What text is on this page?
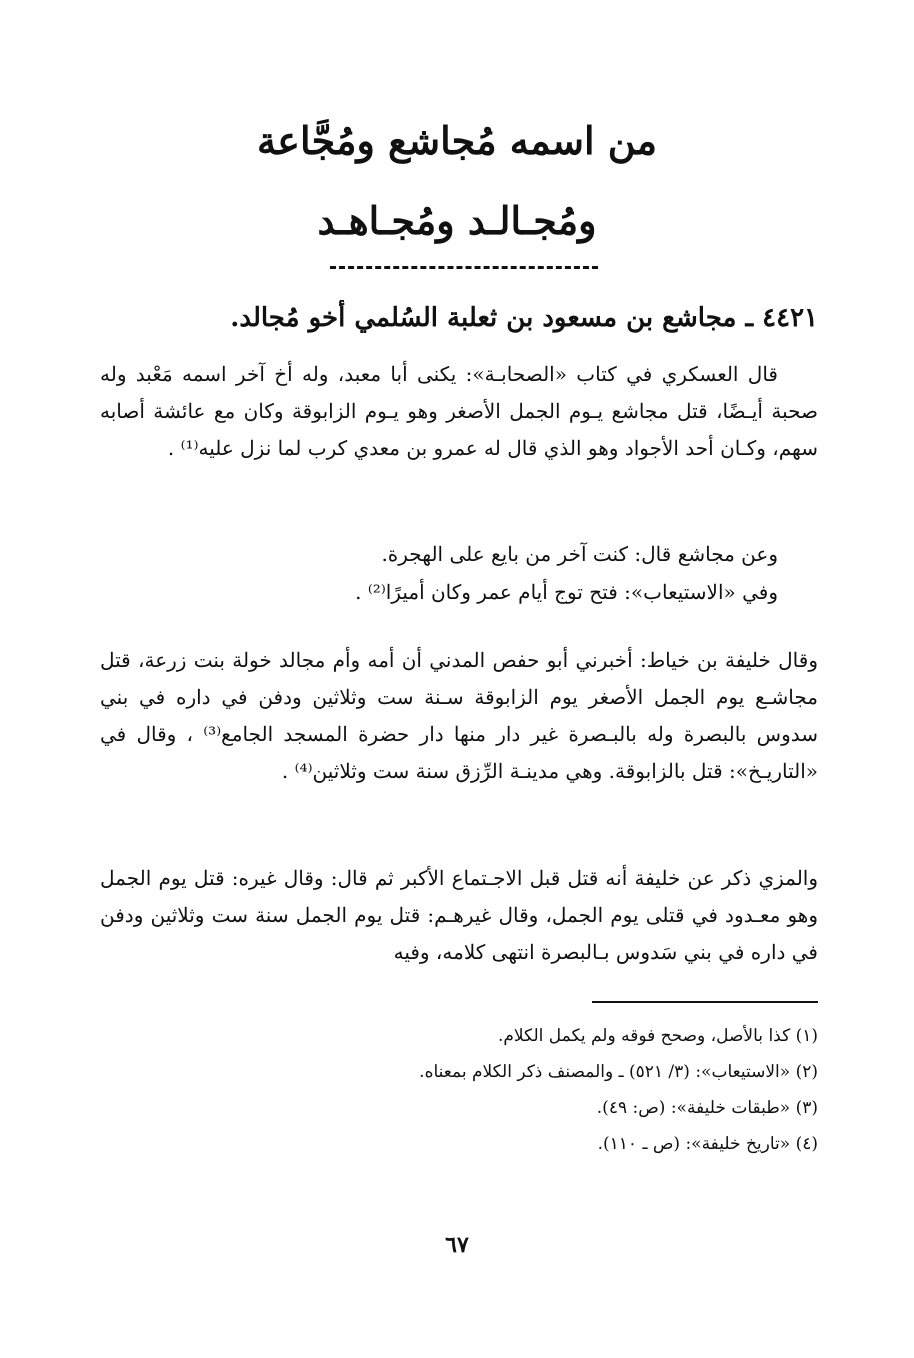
من اسمه مُجاشع ومُجَّاعة
ومُجـالـد ومُجـاهـد
٤٤٢١ ـ مجاشع بن مسعود بن ثعلبة السُلمي أخو مُجالد.
قال العسكري في كتاب «الصحابـة»: يكنى أبا معبد، وله أخ آخر اسمه مَعْبد وله صحبة أيـضًا، قتل مجاشع يـوم الجمل الأصغر وهو يـوم الزابوقة وكان مع عائشة أصابه سهم، وكـان أحد الأجواد وهو الذي قال له عمرو بن معدي كرب لما نزل عليه⁽¹⁾ .
وعن مجاشع قال: كنت آخر من بايع على الهجرة.
وفي «الاستيعاب»: فتح توج أيام عمر وكان أميرًا⁽²⁾ .
وقال خليفة بن خياط: أخبرني أبو حفص المدني أن أمه وأم مجالد خولة بنت زرعة، قتل مجاشـع يوم الجمل الأصغر يوم الزابوقة سـنة ست وثلاثين ودفن في داره في بني سدوس بالبصرة وله بالبـصرة غير دار منها دار حضرة المسجد الجامع⁽³⁾ ، وقال في «التاريـخ»: قتل بالزابوقة. وهي مدينـة الرِّزق سنة ست وثلاثين⁽⁴⁾ .
والمزي ذكر عن خليفة أنه قتل قبل الاجـتماع الأكبر ثم قال: وقال غيره: قتل يوم الجمل وهو معـدود في قتلى يوم الجمل، وقال غيرهـم: قتل يوم الجمل سنة ست وثلاثين ودفن في داره في بني سَدوس بـالبصرة انتهى كلامه، وفيه
(١) كذا بالأصل، وصحح فوقه ولم يكمل الكلام.
(٢) «الاستيعاب»: (٣/ ٥٢١) ـ والمصنف ذكر الكلام بمعناه.
(٣) «طبقات خليفة»: (ص: ٤٩).
(٤) «تاريخ خليفة»: (ص ـ ١١٠).
٦٧
